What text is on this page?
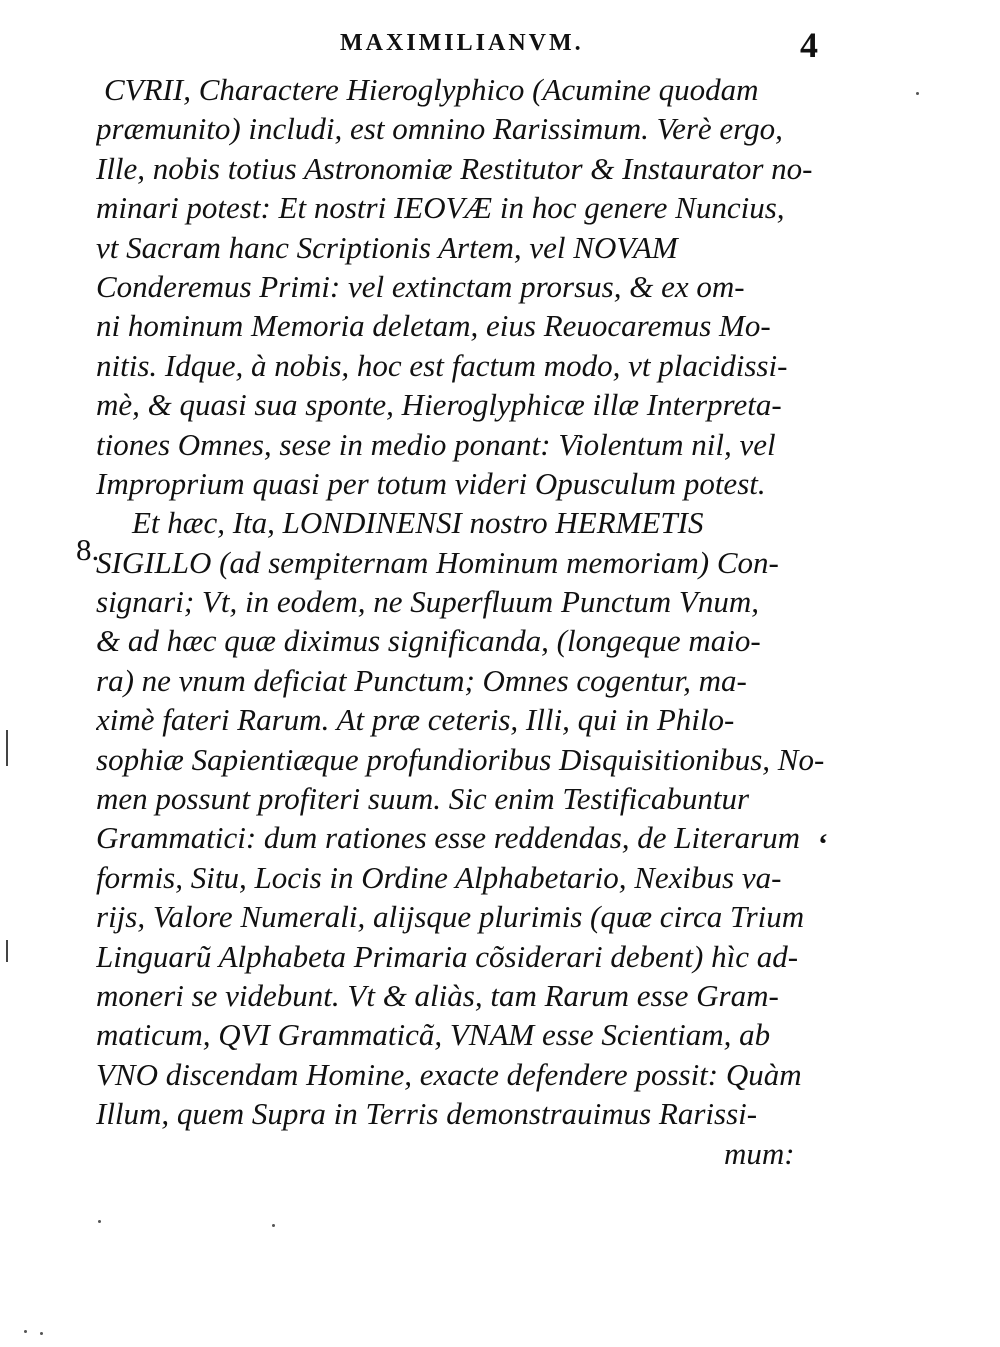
MAXIMILIANVM.	4
8.
ʻ
CVRII, Charactere Hieroglyphico (Acumine quodam
præmunito) includi, est omnino Rarissimum. Verè ergo,
Ille, nobis totius Astronomiæ Restitutor & Instaurator no-
minari potest: Et nostri IEOVÆ in hoc genere Nuncius,
vt Sacram hanc Scriptionis Artem, vel NOVAM
Conderemus Primi: vel extinctam prorsus, & ex om-
ni hominum Memoria deletam, eius Reuocaremus Mo-
nitis. Idque, à nobis, hoc est factum modo, vt placidissi-
mè, & quasi sua sponte, Hieroglyphicæ illæ Interpreta-
tiones Omnes, sese in medio ponant: Violentum nil, vel
Improprium quasi per totum videri Opusculum potest.
Et hæc, Ita, LONDINENSI nostro HERMETIS
SIGILLO (ad sempiternam Hominum memoriam) Con-
signari; Vt, in eodem, ne Superfluum Punctum Vnum,
& ad hæc quæ diximus significanda, (longeque maio-
ra) ne vnum deficiat Punctum; Omnes cogentur, ma-
ximè fateri Rarum. At præ ceteris, Illi, qui in Philo-
sophiæ Sapientiæque profundioribus Disquisitionibus, No-
men possunt profiteri suum. Sic enim Testificabuntur
Grammatici: dum rationes esse reddendas, de Literarum
formis, Situ, Locis in Ordine Alphabetario, Nexibus va-
rijs, Valore Numerali, alijsque plurimis (quæ circa Trium
Linguarũ Alphabeta Primaria cõsiderari debent) hìc ad-
moneri se videbunt. Vt & aliàs, tam Rarum esse Gram-
maticum, QVI Grammaticã, VNAM esse Scientiam, ab
VNO discendam Homine, exacte defendere possit: Quàm
Illum, quem Supra in Terris demonstrauimus Rarissi-
mum:
